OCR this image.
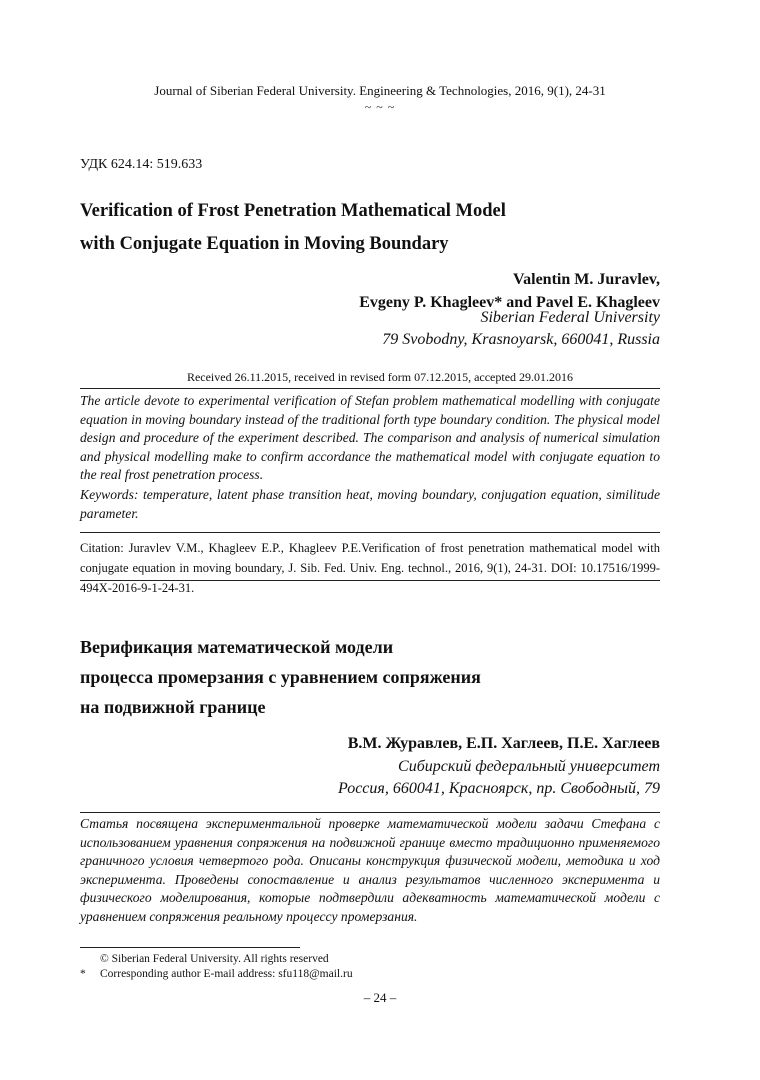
Journal of Siberian Federal University. Engineering & Technologies, 2016, 9(1), 24-31
~ ~ ~
УДК 624.14: 519.633
Verification of Frost Penetration Mathematical Model
with Conjugate Equation in Moving Boundary
Valentin M. Juravlev,
Evgeny P. Khagleev* and Pavel E. Khagleev
Siberian Federal University
79 Svobodny, Krasnoyarsk, 660041, Russia
Received 26.11.2015, received in revised form 07.12.2015, accepted 29.01.2016
The article devote to experimental verification of Stefan problem mathematical modelling with conjugate equation in moving boundary instead of the traditional forth type boundary condition. The physical model design and procedure of the experiment described. The comparison and analysis of numerical simulation and physical modelling make to confirm accordance the mathematical model with conjugate equation to the real frost penetration process.
Keywords: temperature, latent phase transition heat, moving boundary, conjugation equation, similitude parameter.
Citation: Juravlev V.M., Khagleev E.P., Khagleev P.E.Verification of frost penetration mathematical model with conjugate equation in moving boundary, J. Sib. Fed. Univ. Eng. technol., 2016, 9(1), 24-31. DOI: 10.17516/1999-494X-2016-9-1-24-31.
Верификация математической модели
процесса промерзания с уравнением сопряжения
на подвижной границе
В.М. Журавлев, Е.П. Хаглеев, П.Е. Хаглеев
Сибирский федеральный университет
Россия, 660041, Красноярск, пр. Свободный, 79
Статья посвящена экспериментальной проверке математической модели задачи Стефана с использованием уравнения сопряжения на подвижной границе вместо традиционно применяемого граничного условия четвертого рода. Описаны конструкция физической модели, методика и ход эксперимента. Проведены сопоставление и анализ результатов численного эксперимента и физического моделирования, которые подтвердили адекватность математической модели с уравнением сопряжения реальному процессу промерзания.
© Siberian Federal University. All rights reserved
* Corresponding author E-mail address: sfu118@mail.ru
– 24 –
